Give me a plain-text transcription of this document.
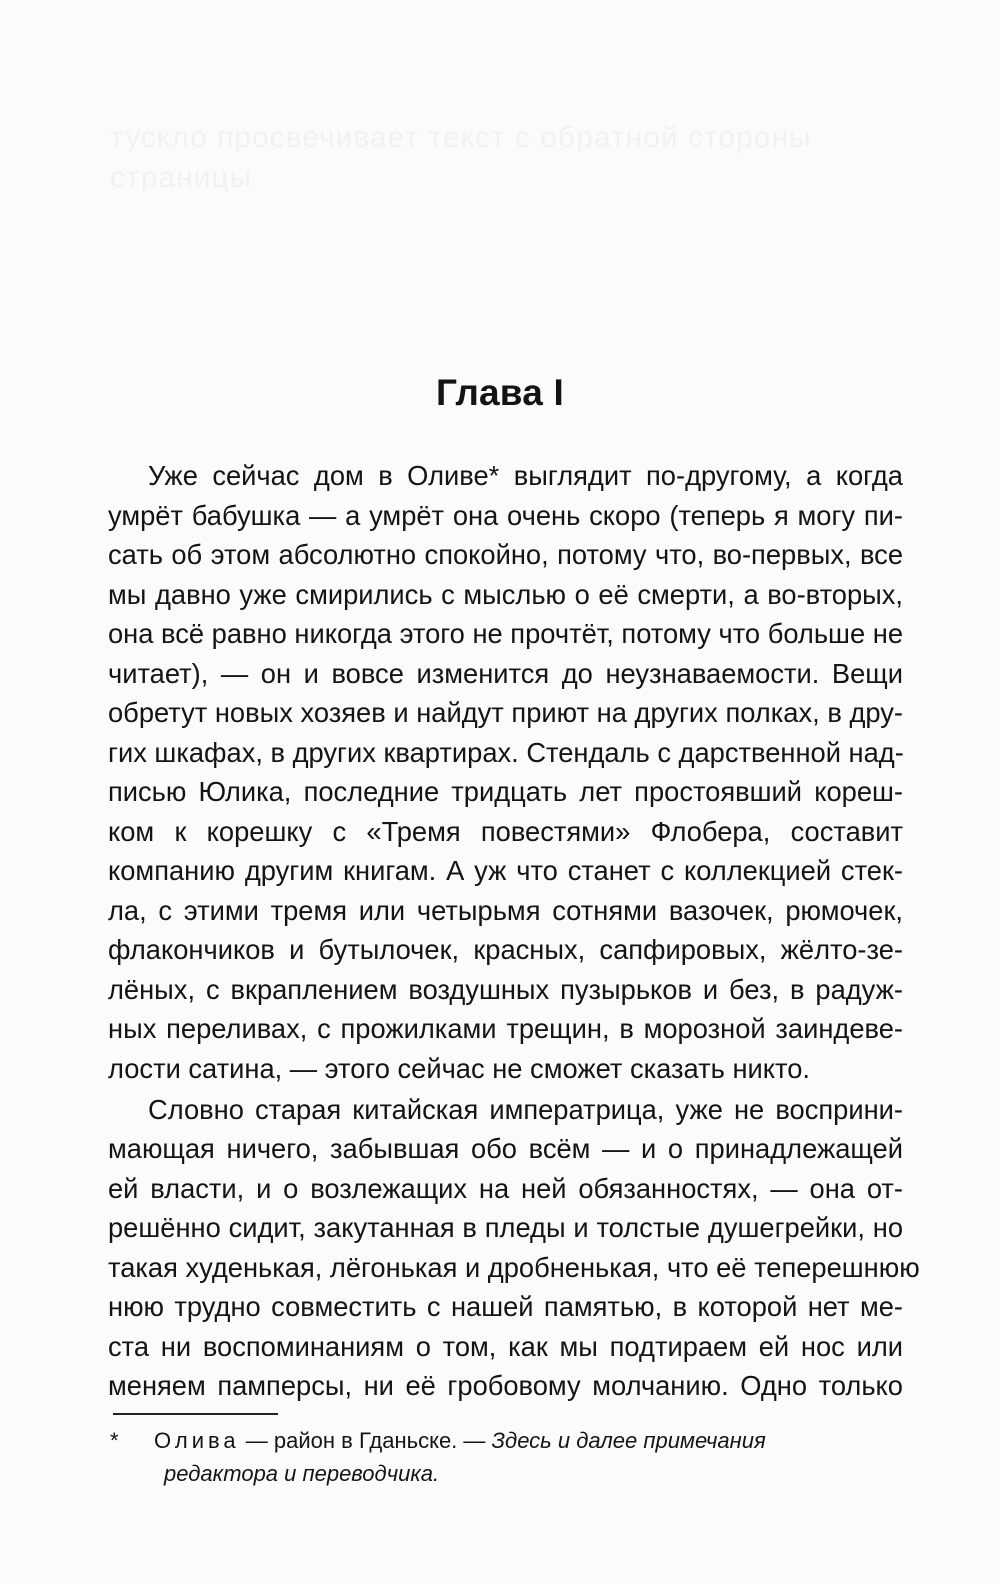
Глава I

Уже сейчас дом в Оливе* выглядит по-другому, а когда

умрёт бабушка — а умрёт она очень скоро (теперь я могу пи-

сать об этом абсолютно спокойно, потому что, во-первых, все

мы давно уже смирились с мыслью о её смерти, а во-вторых,

она всё равно никогда этого не прочтёт, потому что больше не

читает), — он и вовсе изменится до неузнаваемости. Вещи

обретут новых хозяев и найдут приют на других полках, в дру-

гих шкафах, в других квартирах. Стендаль с дарственной над-

писью Юлика, последние тридцать лет простоявший кореш-

ком к корешку с «Тремя повестями» Флобера, составит

компанию другим книгам. А уж что станет с коллекцией стек-

ла, с этими тремя или четырьмя сотнями вазочек, рюмочек,

флакончиков и бутылочек, красных, сапфировых, жёлто-зе-

лёных, с вкраплением воздушных пузырьков и без, в радуж-

ных переливах, с прожилками трещин, в морозной заиндеве-

лости сатина, — этого сейчас не сможет сказать никто.

Словно старая китайская императрица, уже не восприни-

мающая ничего, забывшая обо всём — и о принадлежащей

ей власти, и о возлежащих на ней обязанностях, — она от-

решённо сидит, закутанная в пледы и толстые душегрейки, но

такая худенькая, лёгонькая и дробненькая, что её теперешнюю

нюю трудно совместить с нашей памятью, в которой нет ме-

ста ни воспоминаниям о том, как мы подтираем ей нос или

меняем памперсы, ни её гробовому молчанию. Одно только

* Олива — район в Гданьске. — Здесь и далее примечания

редактора и переводчика.
